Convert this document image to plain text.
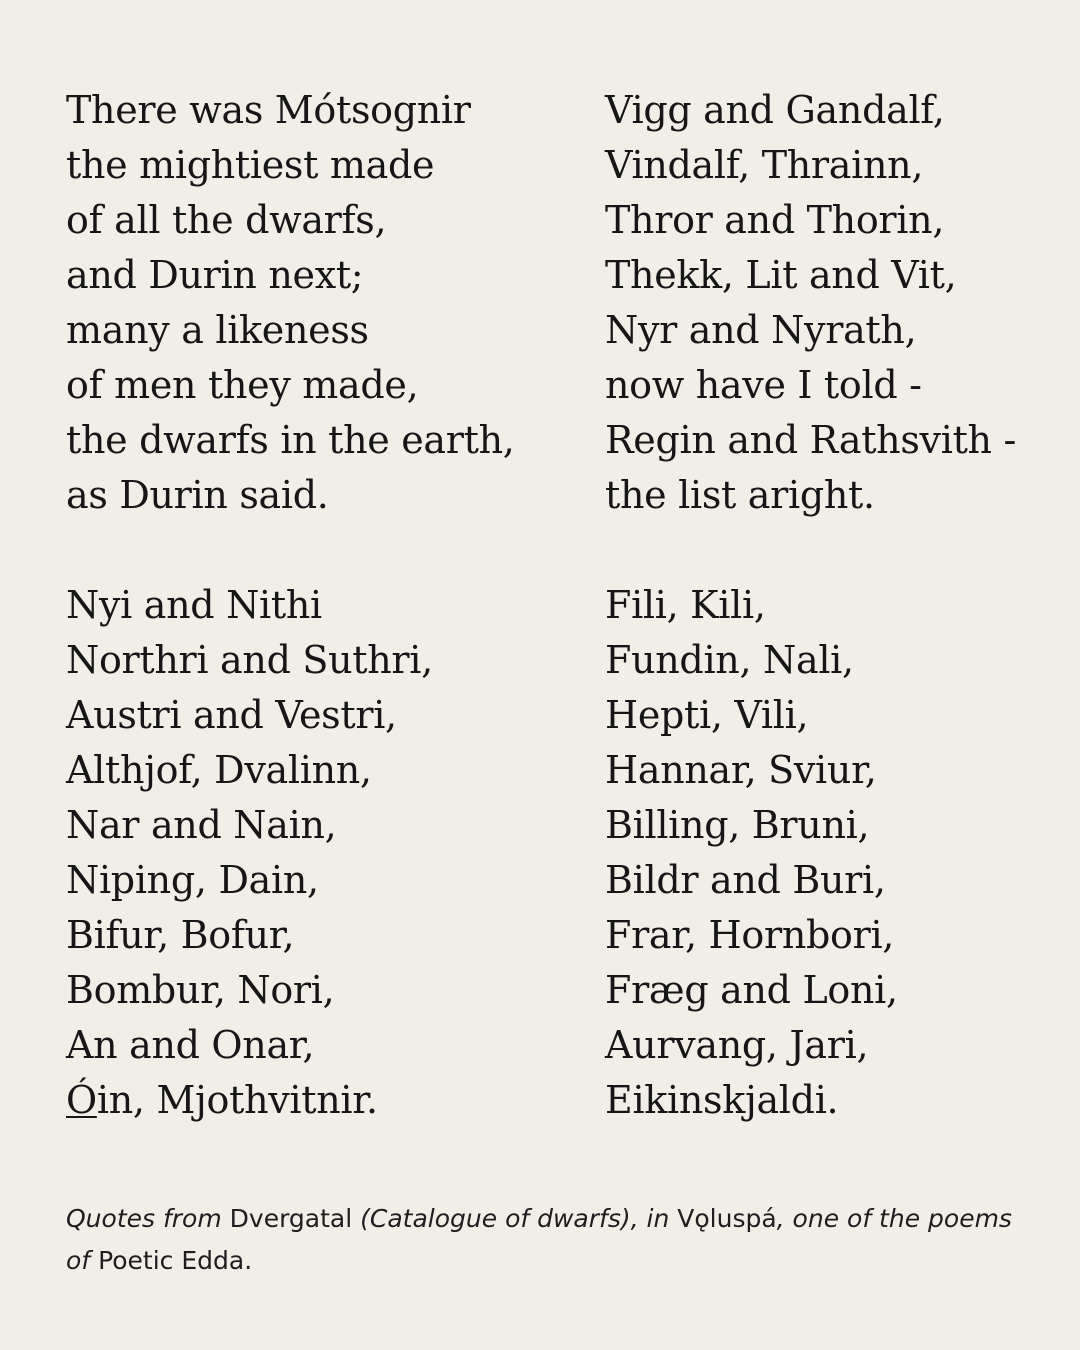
There was Mótsognir
the mightiest made
of all the dwarfs,
and Durin next;
many a likeness
of men they made,
the dwarfs in the earth,
as Durin said.
Nyi and Nithi
Northri and Suthri,
Austri and Vestri,
Althjof, Dvalinn,
Nar and Nain,
Niping, Dain,
Bifur, Bofur,
Bombur, Nori,
An and Onar,
Óin, Mjothvitnir.
Vigg and Gandalf,
Vindalf, Thrainn,
Thror and Thorin,
Thekk, Lit and Vit,
Nyr and Nyrath,
now have I told -
Regin and Rathsvith -
the list aright.
Fili, Kili,
Fundin, Nali,
Hepti, Vili,
Hannar, Sviur,
Billing, Bruni,
Bildr and Buri,
Frar, Hornbori,
Fræg and Loni,
Aurvang, Jari,
Eikinskjaldi.
Quotes from Dvergatal (Catalogue of dwarfs), in Vǫluspá, one of the poems of Poetic Edda.
